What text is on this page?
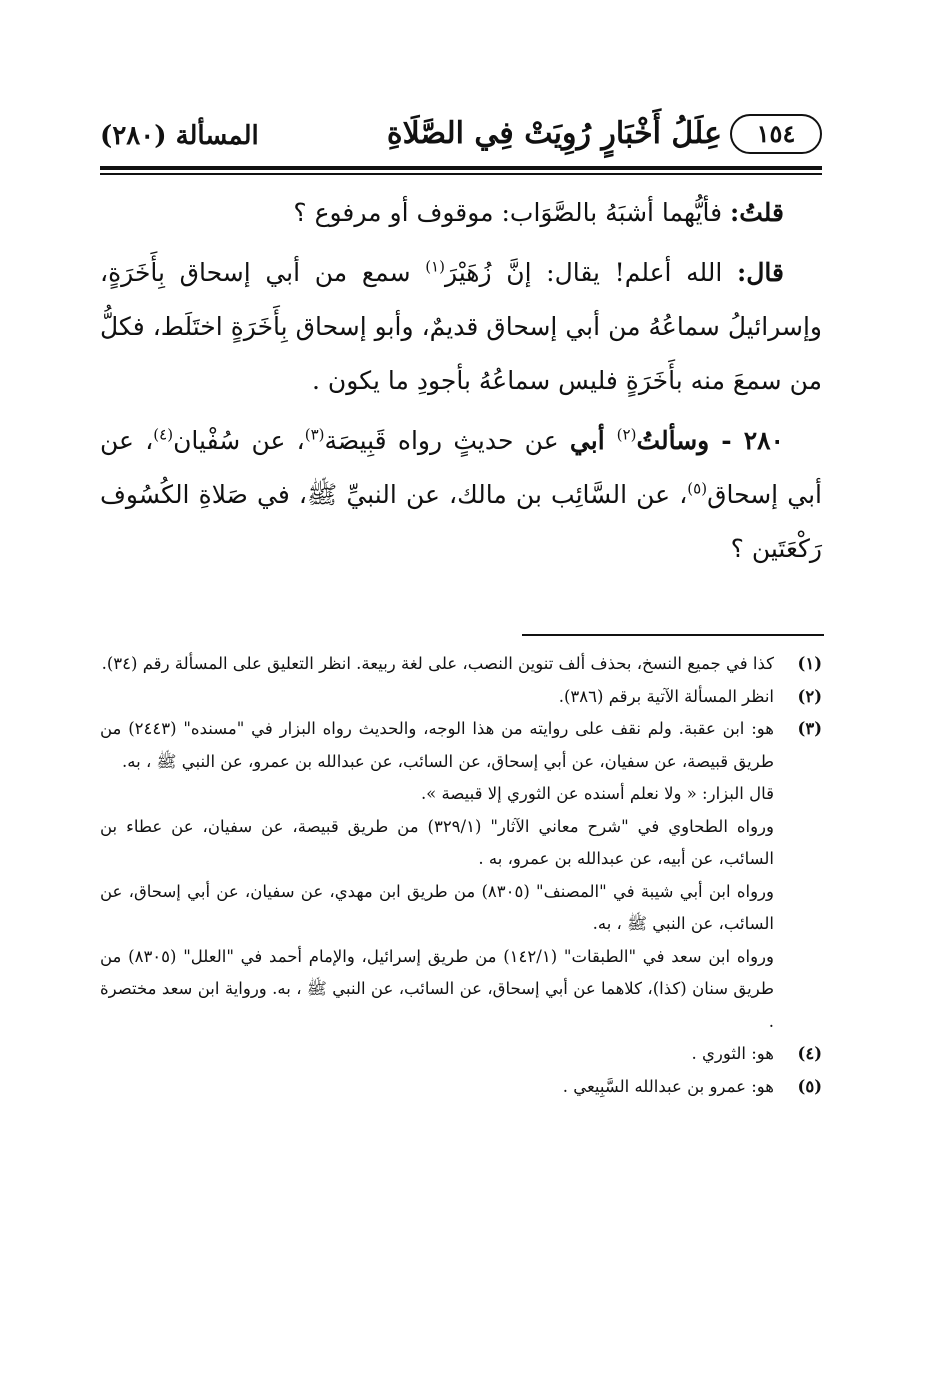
١٥٤
عِلَلُ أَخْبَارٍ رُوِيَتْ فِي الصَّلَاةِ
المسألة (٢٨٠)

قلتُ: فأيُّهما أشبَهُ بالصَّوَاب: موقوف أو مرفوع ؟

قال: الله أعلم! يقال: إنَّ زُهَيْرَ$^{(١)}$ سمع من أبي إسحاق بِأَخَرَةٍ، وإسرائيلُ سماعُهُ من أبي إسحاق قديمٌ، وأبو إسحاق بِأَخَرَةٍ اختَلَط، فكلُّ من سمعَ منه بأَخَرَةٍ فليس سماعُهُ بأجودِ ما يكون .

٢٨٠ - وسألتُ$^{(٢)}$ أبي عن حديثٍ رواه قَبِيصَة$^{(٣)}$، عن سُفْيان$^{(٤)}$، عن أبي إسحاق$^{(٥)}$، عن السَّائِب بن مالك، عن النبيِّ ﷺ، في صَلاةِ الكُسُوف رَكْعَتَين ؟

(١)
كذا في جميع النسخ، بحذف ألف تنوين النصب، على لغة ربيعة. انظر التعليق على المسألة رقم (٣٤).
(٢)
انظر المسألة الآتية برقم (٣٨٦).
(٣)
هو: ابن عقبة. ولم نقف على روايته من هذا الوجه، والحديث رواه البزار في "مسنده" (٢٤٤٣) من طريق قبيصة، عن سفيان، عن أبي إسحاق، عن السائب، عن عبدالله بن عمرو، عن النبي ﷺ ، به.
قال البزار: « ولا نعلم أسنده عن الثوري إلا قبيصة ».
ورواه الطحاوي في "شرح معاني الآثار" (٣٢٩/١) من طريق قبيصة، عن سفيان، عن عطاء بن السائب، عن أبيه، عن عبدالله بن عمرو، به .
ورواه ابن أبي شيبة في "المصنف" (٨٣٠٥) من طريق ابن مهدي، عن سفيان، عن أبي إسحاق، عن السائب، عن النبي ﷺ ، به.
ورواه ابن سعد في "الطبقات" (١٤٢/١) من طريق إسرائيل، والإمام أحمد في "العلل" (٨٣٠٥) من طريق سنان (كذا)، كلاهما عن أبي إسحاق، عن السائب، عن النبي ﷺ ، به. ورواية ابن سعد مختصرة .
(٤)
هو: الثوري .
(٥)
هو: عمرو بن عبدالله السَّبِيعي .
